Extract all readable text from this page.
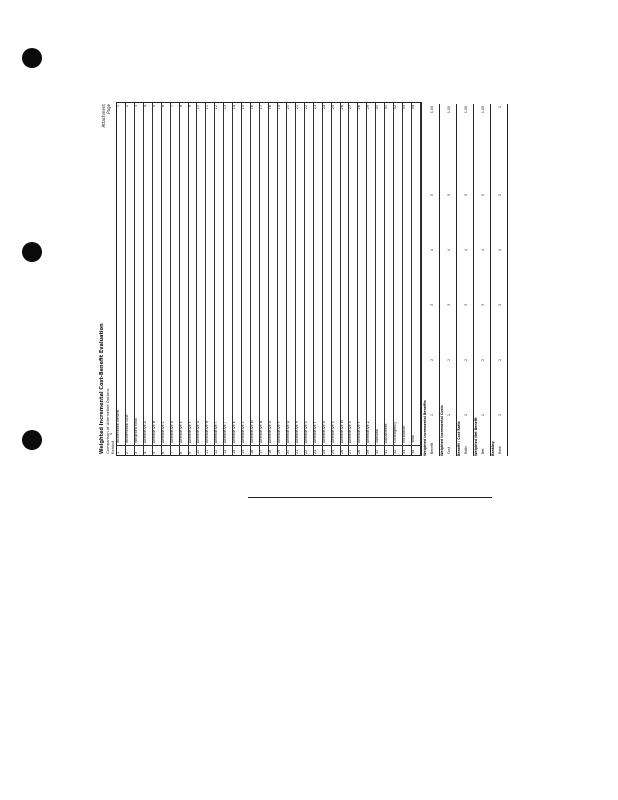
Weighted Incremental Cost-Benefit Evaluation Comparison of Alternative Options Exhibit
Attachment
Page
1
Incremental benefit
1
2
Incremental cost
2
3
Weighted total
3
4
Alternative A
4
5
Alternative B
5
6
Alternative C
6
7
Alternative D
7
8
Alternative E
8
9
Alternative F
9
10
Alternative G
10
11
Alternative H
11
12
Alternative I
12
13
Alternative J
13
14
Alternative K
14
15
Alternative L
15
16
Alternative M
16
17
Alternative N
17
18
Alternative O
18
19
Alternative P
19
20
Alternative Q
20
21
Alternative R
21
22
Alternative S
22
23
Alternative T
23
24
Alternative U
24
25
Alternative V
25
26
Alternative W
26
27
Alternative X
27
28
Alternative Y
28
29
Alternative Z
29
30
Subtotal
30
31
Adjustment
31
32
Contingency
32
33
Escalation
33
34
Total
34
Weighted Incremental Benefits Benefit
1
2
3
4
5
1.00
Weighted Incremental Costs Cost
1
2
3
4
5
1.00
Benefit / Cost Ratio Ratio
1
2
3
4
5
1.00
Weighted Net Benefit Net
1
2
3
4
5
1.00
Ranking Rank
1
2
3
4
5
1
4
